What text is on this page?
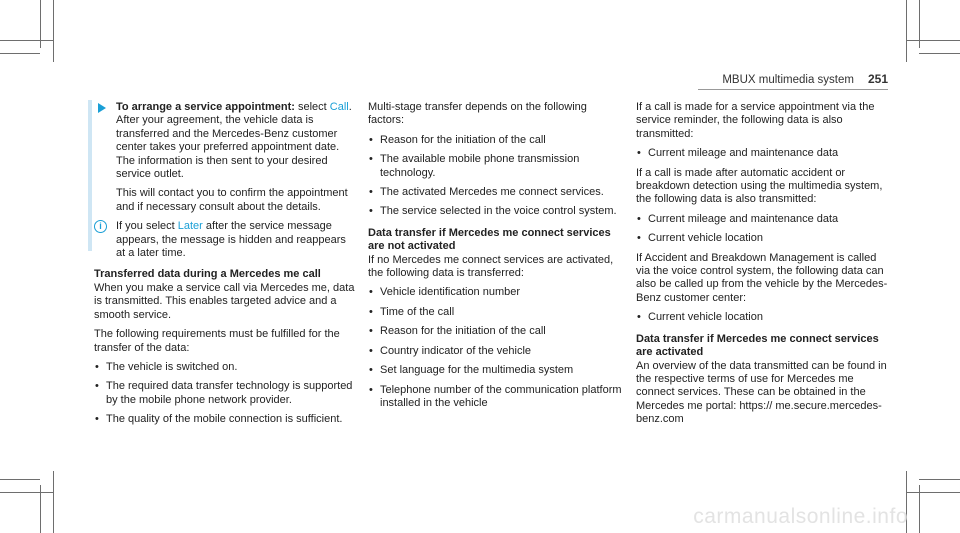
MBUX multimedia system 251

To arrange a service appointment: select Call.
After your agreement, the vehicle data is transferred and the Mercedes-Benz customer center takes your preferred appointment date. The information is then sent to your desired service outlet.

This will contact you to confirm the appointment and if necessary consult about the details.

i	If you select Later after the service message appears, the message is hidden and reappears at a later time.

Transferred data during a Mercedes me call

When you make a service call via Mercedes me, data is transmitted. This enables targeted advice and a smooth service.

The following requirements must be fulfilled for the transfer of the data:

• The vehicle is switched on.
• The required data transfer technology is supported by the mobile phone network provider.
• The quality of the mobile connection is sufficient.

Multi-stage transfer depends on the following factors:

• Reason for the initiation of the call
• The available mobile phone transmission technology.
• The activated Mercedes me connect services.
• The service selected in the voice control system.
Data transfer if Mercedes me connect services are not activated

If no Mercedes me connect services are activated, the following data is transferred:

• Vehicle identification number
• Time of the call
• Reason for the initiation of the call
• Country indicator of the vehicle
• Set language for the multimedia system
• Telephone number of the communication platform installed in the vehicle

If a call is made for a service appointment via the service reminder, the following data is also transmitted:

• Current mileage and maintenance data

If a call is made after automatic accident or breakdown detection using the multimedia system, the following data is also transmitted:

• Current mileage and maintenance data
• Current vehicle location

If Accident and Breakdown Management is called via the voice control system, the following data can also be called up from the vehicle by the Mercedes-Benz customer center:

• Current vehicle location
Data transfer if Mercedes me connect services are activated

An overview of the data transmitted can be found in the respective terms of use for Mercedes me connect services. These can be obtained in the Mercedes me portal: https:// me.secure.mercedes-benz.com

carmanualsonline.info
